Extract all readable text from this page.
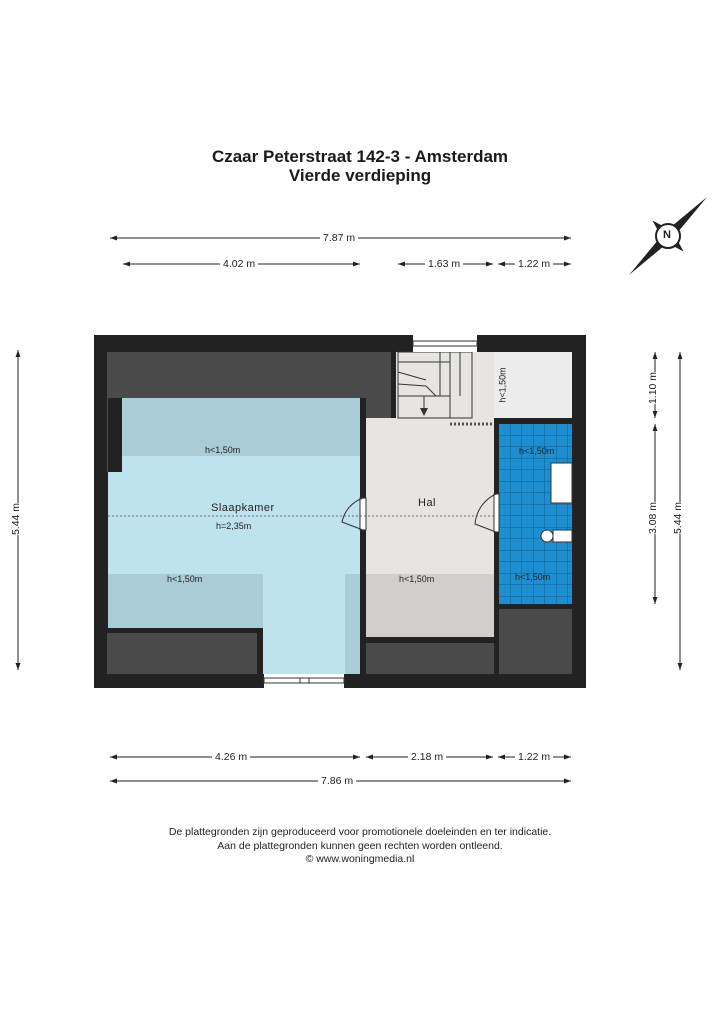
Czaar Peterstraat 142-3 - Amsterdam
Vierde verdieping
7.87 m
4.02 m	1.63 m	1.22 m
4.26 m	2.18 m	1.22 m
7.86 m
5.44 m
1.10 m
3.08 m 5.44 m
h<1,50m
Slaapkamer
h=2,35m
h<1,50m
Hal
h<1,50m
h<1,50m
h<1,50m
h<1,50m
N
De plattegronden zijn geproduceerd voor promotionele doeleinden en ter indicatie.
Aan de plattegronden kunnen geen rechten worden ontleend.
© www.woningmedia.nl
